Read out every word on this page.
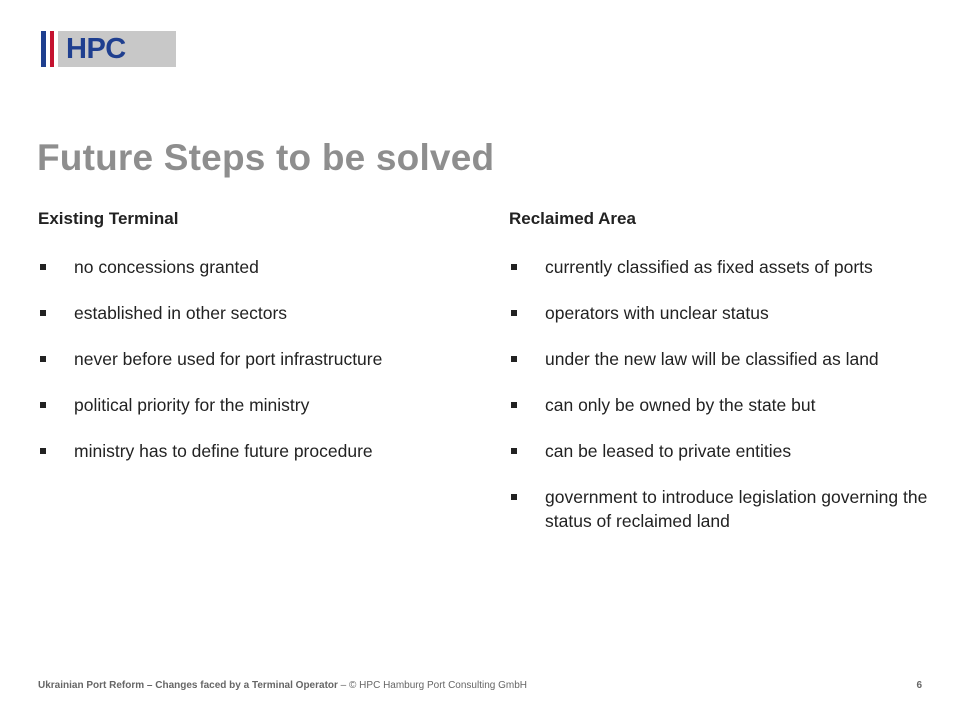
HPC
Future Steps to be solved
Existing Terminal
no concessions granted
established in other sectors
never before used for port infrastructure
political priority for the ministry
ministry has to define future procedure
Reclaimed Area
currently classified as fixed assets of ports
operators with unclear status
under the new law will be classified as land
can only be owned by the state but
can be leased to private entities
government to introduce legislation governing the status of reclaimed land
Ukrainian Port Reform – Changes faced by a Terminal Operator – © HPC Hamburg Port Consulting GmbH	6
